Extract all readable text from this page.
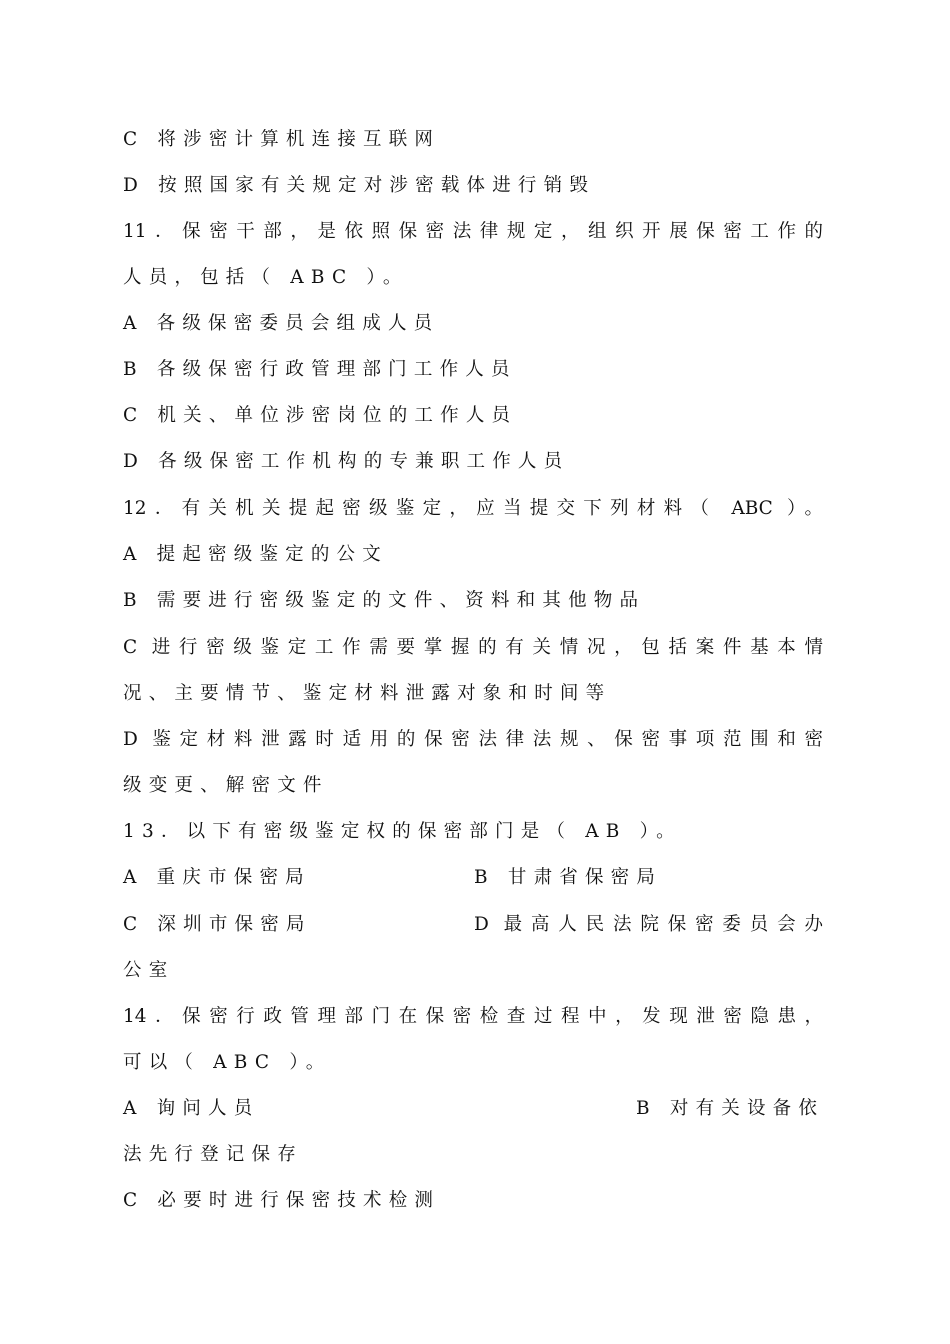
C 将涉密计算机连接互联网
D 按照国家有关规定对涉密载体进行销毁
11．保密干部，是依照保密法律规定，组织开展保密工作的
人员，包括（ ABC ）。
A 各级保密委员会组成人员
B 各级保密行政管理部门工作人员
C 机关、单位涉密岗位的工作人员
D 各级保密工作机构的专兼职工作人员
12．有关机关提起密级鉴定，应当提交下列材料（ ABC ）。
A 提起密级鉴定的公文
B 需要进行密级鉴定的文件、资料和其他物品
C 进行密级鉴定工作需要掌握的有关情况，包括案件基本情
况、主要情节、鉴定材料泄露对象和时间等
D 鉴定材料泄露时适用的保密法律法规、保密事项范围和密
级变更、解密文件
13．以下有密级鉴定权的保密部门是（ AB ）。
A 重庆市保密局	B 甘肃省保密局
C 深圳市保密局	D 最高人民法院保密委员会办
公室
14．保密行政管理部门在保密检查过程中，发现泄密隐患，
可以（ ABC ）。
A 询问人员	B 对有关设备依
法先行登记保存
C 必要时进行保密技术检测
